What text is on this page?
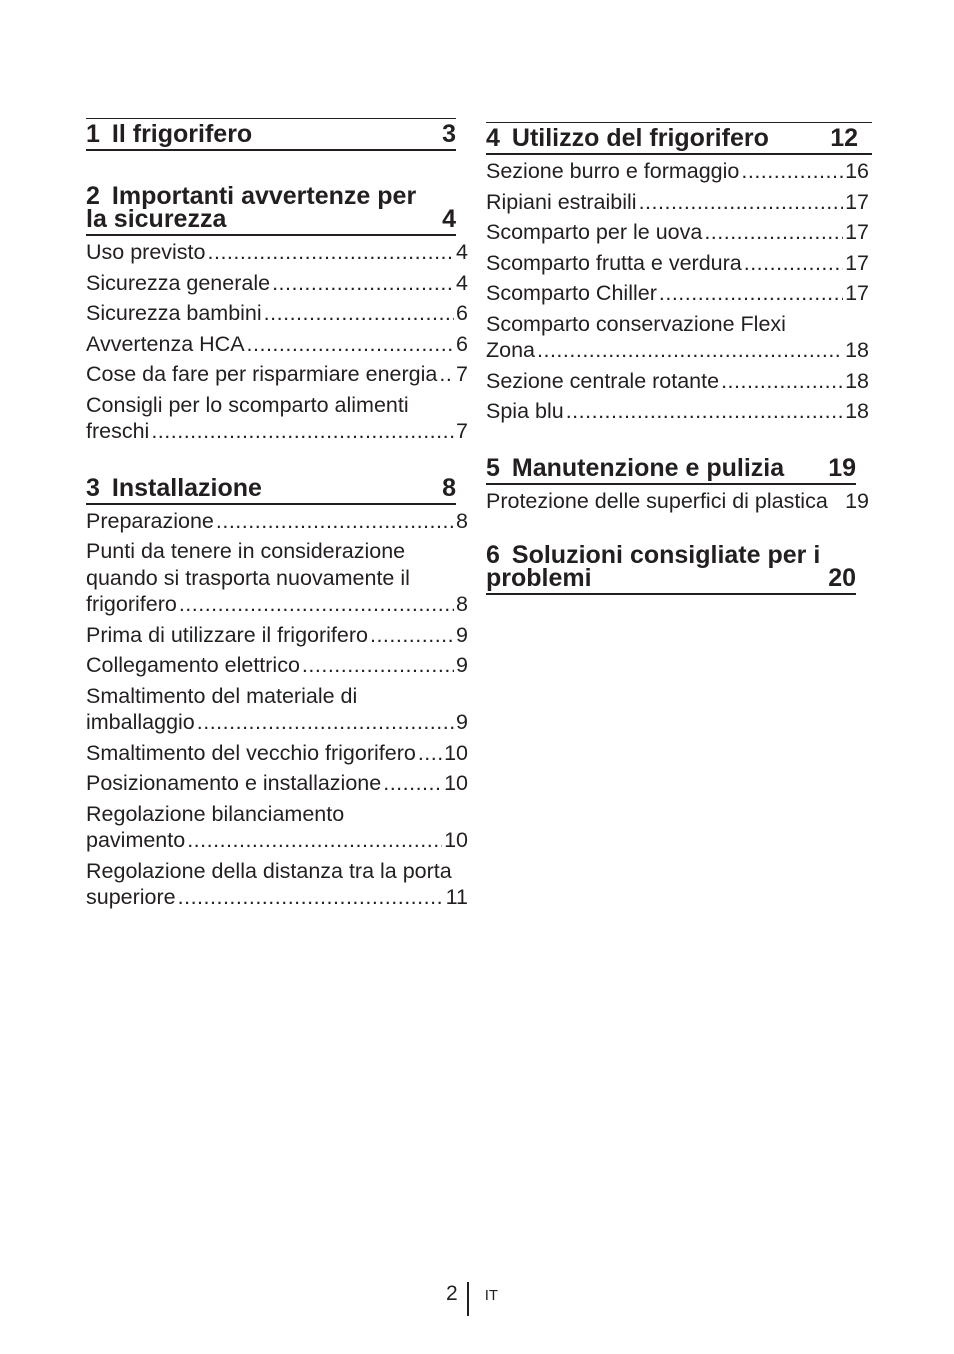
1 Il frigorifero	3
2 Importanti avvertenze per
la sicurezza	4
Uso previsto .....	4
Sicurezza generale .....	4
Sicurezza bambini .....	6
Avvertenza HCA .....	6
Cose da fare per risparmiare energia ..... 7
Consigli per lo scomparto alimenti
freschi .....	7
3 Installazione	8
Preparazione .....	8
Punti da tenere in considerazione
quando si trasporta nuovamente il
frigorifero .....	8
Prima di utilizzare il frigorifero .....	9
Collegamento elettrico .....	9
Smaltimento del materiale di
imballaggio .....	9
Smaltimento del vecchio frigorifero ..... 10
Posizionamento e installazione .....	10
Regolazione bilanciamento
pavimento .....	10
Regolazione della distanza tra la porta
superiore .....	11
4 Utilizzo del frigorifero 12
Sezione burro e formaggio .....	16
Ripiani estraibili .....	17
Scomparto per le uova .....	17
Scomparto frutta e verdura .....	17
Scomparto Chiller .....	17
Scomparto conservazione Flexi
Zona .....	18
Sezione centrale rotante .....	18
Spia blu .....	18
5 Manutenzione e pulizia 19
Protezione delle superfici di plastica 19
6 Soluzioni consigliate per i
problemi	20
2 IT
